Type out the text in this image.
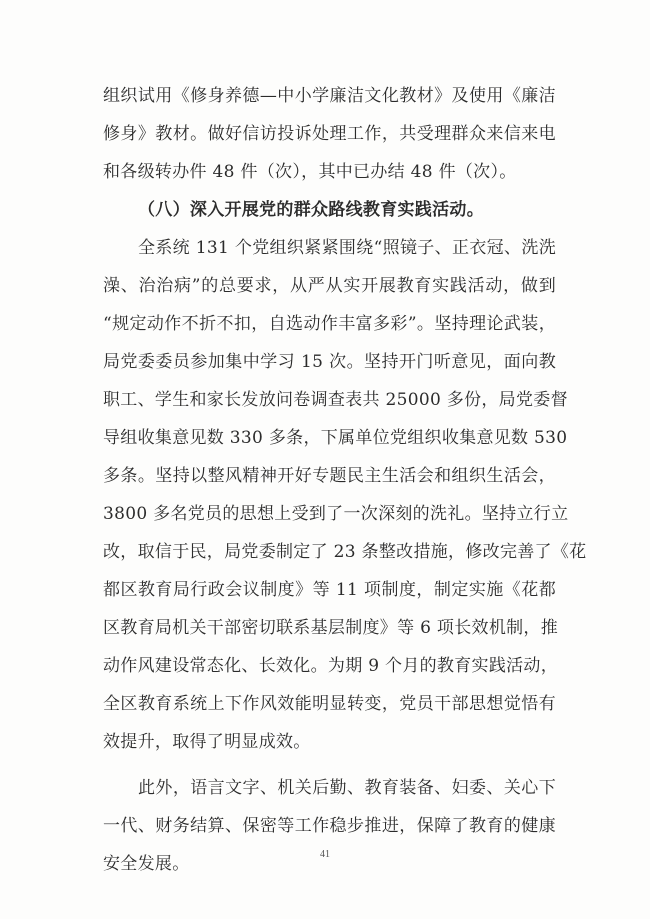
组织试用《修身养德—中小学廉洁文化教材》及使用《廉洁
修身》教材。做好信访投诉处理工作，共受理群众来信来电
和各级转办件 48 件（次），其中已办结 48 件（次）。
（八）深入开展党的群众路线教育实践活动。
全系统 131 个党组织紧紧围绕“照镜子、正衣冠、洗洗
澡、治治病”的总要求，从严从实开展教育实践活动，做到
“规定动作不折不扣，自选动作丰富多彩”。坚持理论武装，
局党委委员参加集中学习 15 次。坚持开门听意见，面向教
职工、学生和家长发放问卷调查表共 25000 多份，局党委督
导组收集意见数 330 多条，下属单位党组织收集意见数 530
多条。坚持以整风精神开好专题民主生活会和组织生活会，
3800 多名党员的思想上受到了一次深刻的洗礼。坚持立行立
改，取信于民，局党委制定了 23 条整改措施，修改完善了《花
都区教育局行政会议制度》等 11 项制度，制定实施《花都
区教育局机关干部密切联系基层制度》等 6 项长效机制，推
动作风建设常态化、长效化。为期 9 个月的教育实践活动，
全区教育系统上下作风效能明显转变，党员干部思想觉悟有
效提升，取得了明显成效。
此外，语言文字、机关后勤、教育装备、妇委、关心下
一代、财务结算、保密等工作稳步推进，保障了教育的健康
安全发展。	41
